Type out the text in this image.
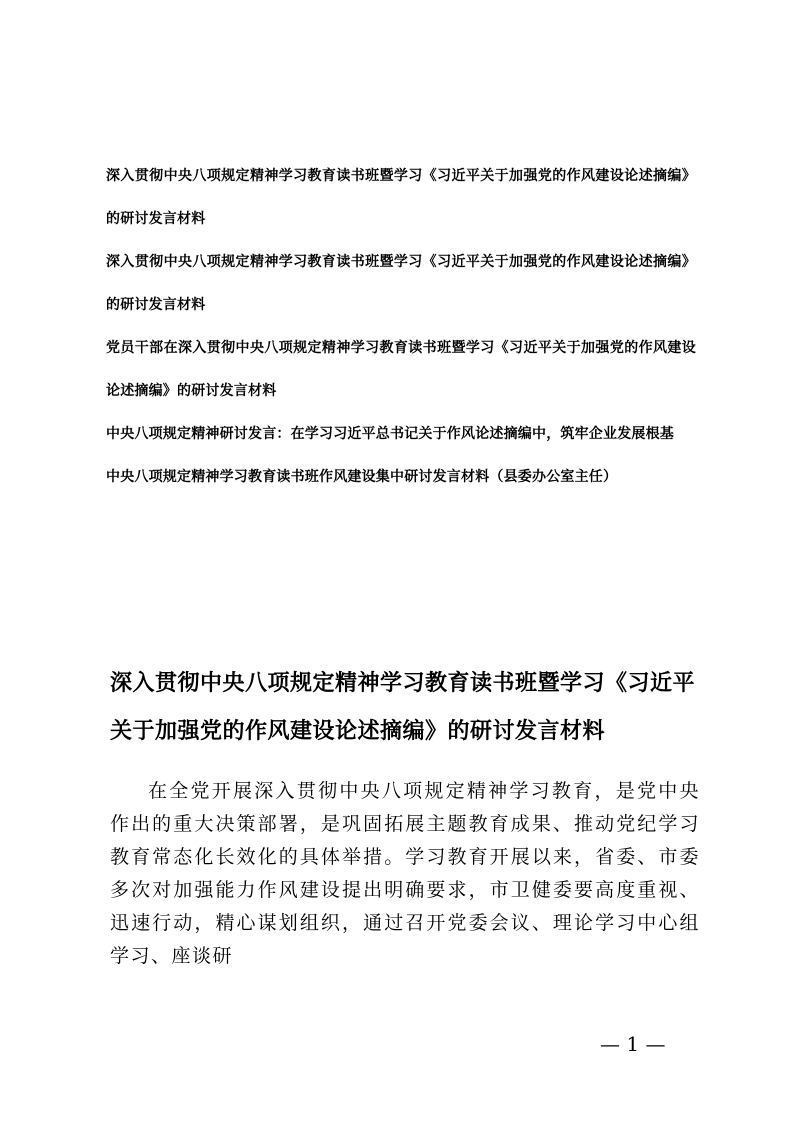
深入贯彻中央八项规定精神学习教育读书班暨学习《习近平关于加强党的作风建设论述摘编》的研讨发言材料
深入贯彻中央八项规定精神学习教育读书班暨学习《习近平关于加强党的作风建设论述摘编》的研讨发言材料
党员干部在深入贯彻中央八项规定精神学习教育读书班暨学习《习近平关于加强党的作风建设论述摘编》的研讨发言材料
中央八项规定精神研讨发言：在学习习近平总书记关于作风论述摘编中，筑牢企业发展根基
中央八项规定精神学习教育读书班作风建设集中研讨发言材料（县委办公室主任）
深入贯彻中央八项规定精神学习教育读书班暨学习《习近平关于加强党的作风建设论述摘编》的研讨发言材料

在全党开展深入贯彻中央八项规定精神学习教育，是党中央作出的重大决策部署，是巩固拓展主题教育成果、推动党纪学习教育常态化长效化的具体举措。学习教育开展以来，省委、市委多次对加强能力作风建设提出明确要求，市卫健委要高度重视、迅速行动，精心谋划组织，通过召开党委会议、理论学习中心组学习、座谈研

— 1 —
